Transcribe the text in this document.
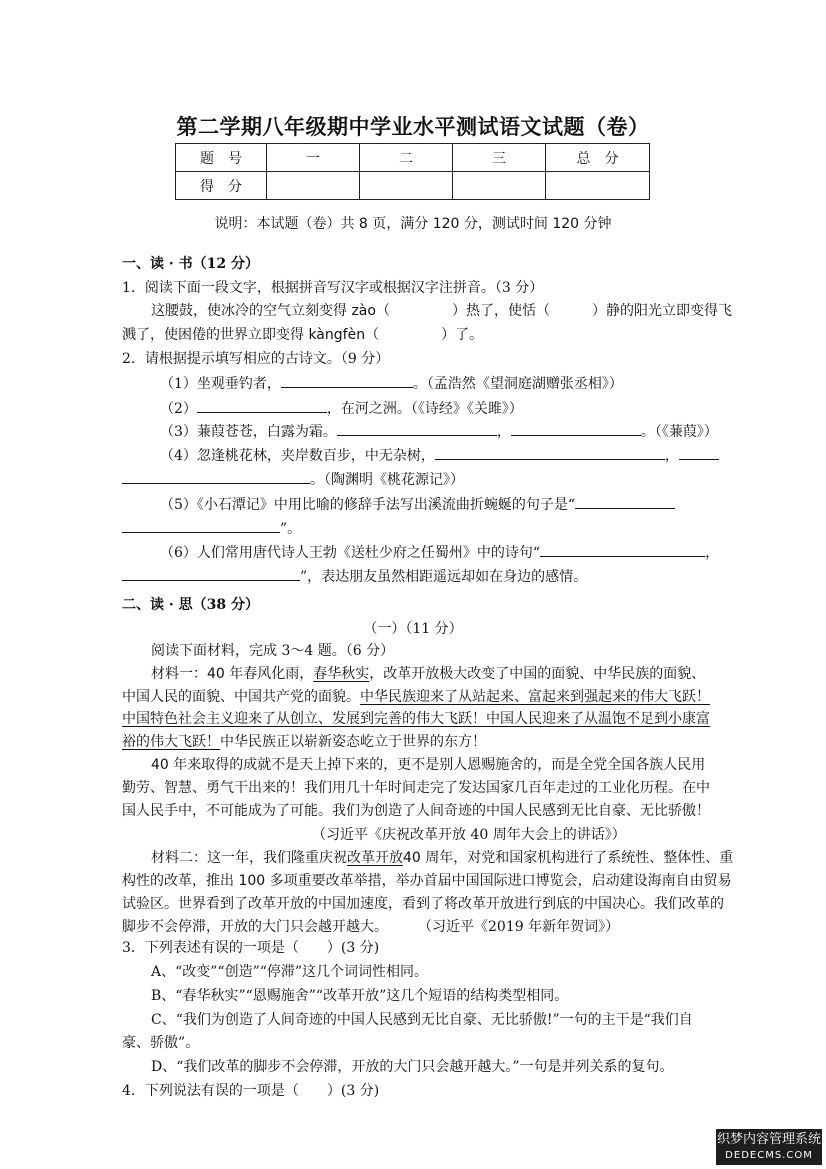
第二学期八年级期中学业水平测试语文试题（卷）
题　号	一	二	三	总　分
得　分				
说明：本试题（卷）共 8 页，满分 120 分，测试时间 120 分钟
一、读 · 书（12 分）
1．阅读下面一段文字，根据拼音写汉字或根据汉字注拼音。（3 分）
这腰鼓，使冰冷的空气立刻变得 zào（	）热了，使恬（	）静的阳光立即变得飞
溅了，使困倦的世界立即变得 kàngfèn（	）了。
2．请根据提示填写相应的古诗文。（9 分）
（1）坐观垂钓者，	。（孟浩然《望洞庭湖赠张丞相》）
（2）	，在河之洲。（《诗经》《关雎》）
（3）蒹葭苍苍，白露为霜。	，	。（《蒹葭》）
（4）忽逢桃花林，夹岸数百步，中无杂树，	，
。（陶渊明《桃花源记》）
（5）《小石潭记》中用比喻的修辞手法写出溪流曲折蜿蜒的句子是“
”。
（6）人们常用唐代诗人王勃《送杜少府之任蜀州》中的诗句“	，
”，表达朋友虽然相距遥远却如在身边的感情。
二、读 · 思（38 分）
（一）（11 分）
阅读下面材料，完成 3～4 题。（6 分）
材料一：40 年春风化雨，春华秋实，改革开放极大改变了中国的面貌、中华民族的面貌、
中国人民的面貌、中国共产党的面貌。中华民族迎来了从站起来、富起来到强起来的伟大飞跃！
中国特色社会主义迎来了从创立、发展到完善的伟大飞跃！中国人民迎来了从温饱不足到小康富
裕的伟大飞跃！中华民族正以崭新姿态屹立于世界的东方！
40 年来取得的成就不是天上掉下来的，更不是别人恩赐施舍的，而是全党全国各族人民用
勤劳、智慧、勇气干出来的！我们用几十年时间走完了发达国家几百年走过的工业化历程。在中
国人民手中，不可能成为了可能。我们为创造了人间奇迹的中国人民感到无比自豪、无比骄傲！
（习近平《庆祝改革开放 40 周年大会上的讲话》）
材料二：这一年，我们隆重庆祝改革开放40 周年，对党和国家机构进行了系统性、整体性、重
构性的改革，推出 100 多项重要改革举措，举办首届中国国际进口博览会，启动建设海南自由贸易
试验区。世界看到了改革开放的中国加速度，看到了将改革开放进行到底的中国决心。我们改革的
脚步不会停滞，开放的大门只会越开越大。 （习近平《2019 年新年贺词》）
3．下列表述有误的一项是（　　）(3 分)
A、“改变”“创造”“停滞”这几个词词性相同。
B、“春华秋实”“恩赐施舍”“改革开放”这几个短语的结构类型相同。
C、“我们为创造了人间奇迹的中国人民感到无比自豪、无比骄傲!”一句的主干是“我们自
豪、骄傲”。
D、“我们改革的脚步不会停滞，开放的大门只会越开越大。”一句是并列关系的复句。
4．下列说法有误的一项是（　　）(3 分)
织梦内容管理系统
DEDECMS.COM
